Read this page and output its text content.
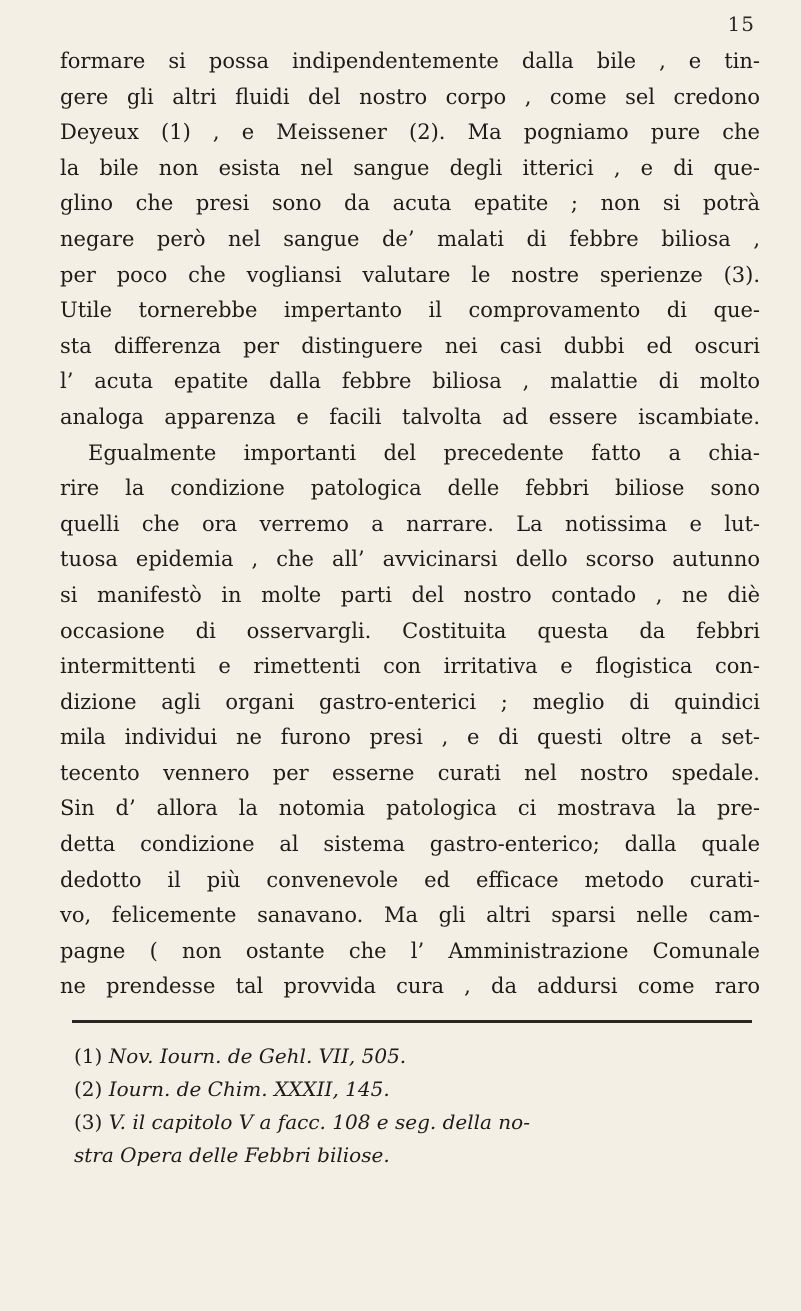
15
formare si possa indipendentemente dalla bile , e tin-
gere gli altri fluidi del nostro corpo , come sel credono
Deyeux (1) , e Meissener (2). Ma pogniamo pure che
la bile non esista nel sangue degli itterici , e di que-
glino che presi sono da acuta epatite ; non si potrà
negare però nel sangue de’ malati di febbre biliosa ,
per poco che vogliansi valutare le nostre sperienze (3).
Utile tornerebbe impertanto il comprovamento di que-
sta differenza per distinguere nei casi dubbi ed oscuri
l’ acuta epatite dalla febbre biliosa , malattie di molto
analoga apparenza e facili talvolta ad essere iscambiate.
Egualmente importanti del precedente fatto a chia-
rire la condizione patologica delle febbri biliose sono
quelli che ora verremo a narrare. La notissima e lut-
tuosa epidemia , che all’ avvicinarsi dello scorso autunno
si manifestò in molte parti del nostro contado , ne diè
occasione di osservargli. Costituita questa da febbri
intermittenti e rimettenti con irritativa e flogistica con-
dizione agli organi gastro-enterici ; meglio di quindici
mila individui ne furono presi , e di questi oltre a set-
tecento vennero per esserne curati nel nostro spedale.
Sin d’ allora la notomia patologica ci mostrava la pre-
detta condizione al sistema gastro-enterico; dalla quale
dedotto il più convenevole ed efficace metodo curati-
vo, felicemente sanavano. Ma gli altri sparsi nelle cam-
pagne ( non ostante che l’ Amministrazione Comunale
ne prendesse tal provvida cura , da addursi come raro
(1) Nov. Iourn. de Gehl. VII, 505.
(2) Iourn. de Chim. XXXII, 145.
(3) V. il capitolo V a facc. 108 e seg. della no-
stra Opera delle Febbri biliose.
